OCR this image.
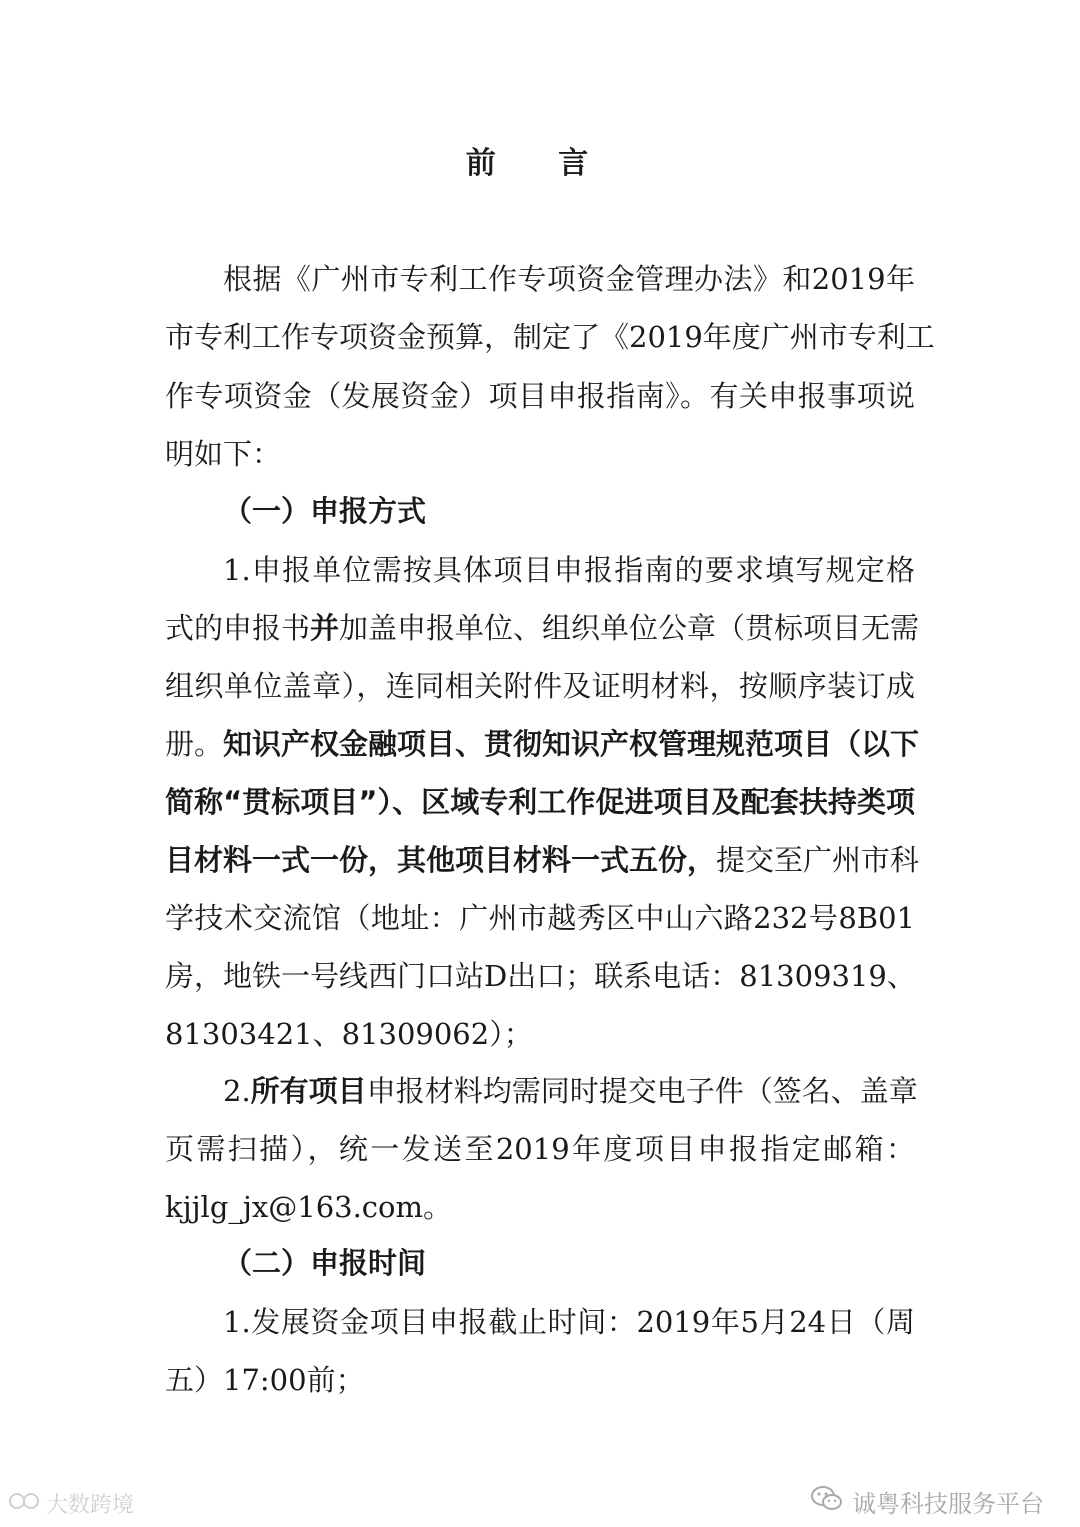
前 言
根据《广州市专利工作专项资金管理办法》和2019年
市专利工作专项资金预算，制定了《2019年度广州市专利工
作专项资金（发展资金）项目申报指南》。有关申报事项说
明如下：
（一）申报方式
1.申报单位需按具体项目申报指南的要求填写规定格
式的申报书并加盖申报单位、组织单位公章（贯标项目无需
组织单位盖章），连同相关附件及证明材料，按顺序装订成
册。知识产权金融项目、贯彻知识产权管理规范项目（以下
简称“贯标项目”）、区域专利工作促进项目及配套扶持类项
目材料一式一份，其他项目材料一式五份，提交至广州市科
学技术交流馆（地址：广州市越秀区中山六路232号8B01
房，地铁一号线西门口站D出口；联系电话：81309319、
81303421、81309062）；
2.所有项目申报材料均需同时提交电子件（签名、盖章
页需扫描），统一发送至2019年度项目申报指定邮箱：
kjjlg_jx@163.com。
（二）申报时间
1.发展资金项目申报截止时间：2019年5月24日（周
五）17:00前；
大数跨境	诚粤科技服务平台
